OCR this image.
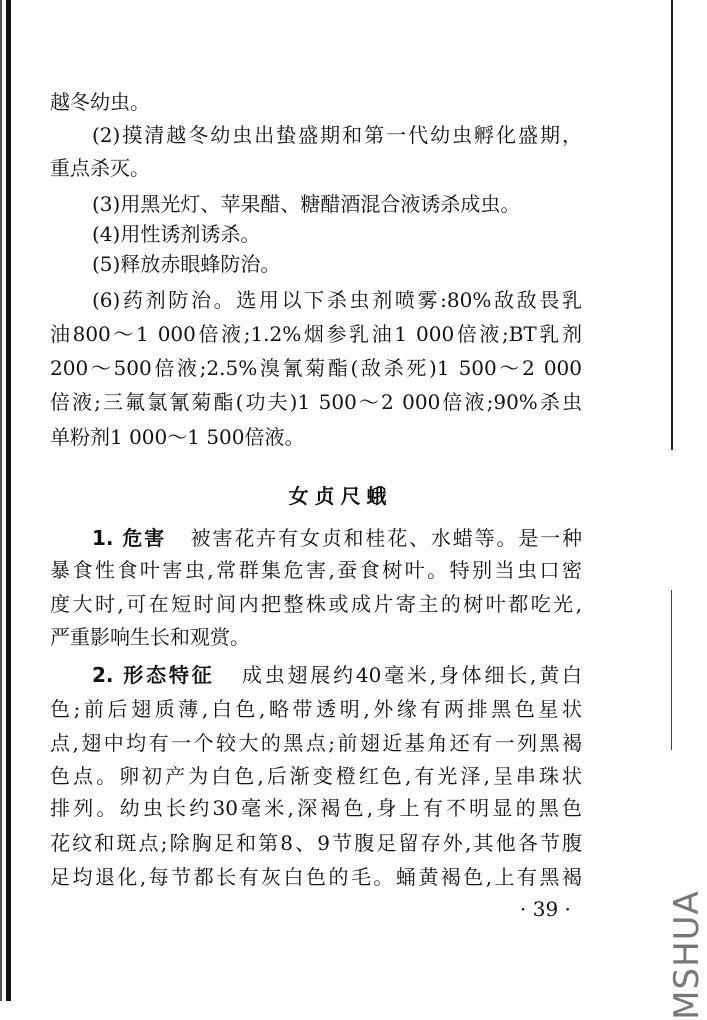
越冬幼虫。
(2)摸清越冬幼虫出蛰盛期和第一代幼虫孵化盛期，
重点杀灭。
(3)用黑光灯、苹果醋、糖醋酒混合液诱杀成虫。
(4)用性诱剂诱杀。
(5)释放赤眼蜂防治。
(6)药剂防治。选用以下杀虫剂喷雾:80%敌敌畏乳
油800～1 000倍液;1.2%烟参乳油1 000倍液;BT乳剂
200～500倍液;2.5%溴氰菊酯(敌杀死)1 500～2 000
倍液;三氟氯氰菊酯(功夫)1 500～2 000倍液;90%杀虫
单粉剂1 000～1 500倍液。
女贞尺蛾
1. 危害 被害花卉有女贞和桂花、水蜡等。是一种
暴食性食叶害虫,常群集危害,蚕食树叶。特别当虫口密
度大时,可在短时间内把整株或成片寄主的树叶都吃光,
严重影响生长和观赏。
2. 形态特征 成虫翅展约40毫米,身体细长,黄白
色;前后翅质薄,白色,略带透明,外缘有两排黑色星状
点,翅中均有一个较大的黑点;前翅近基角还有一列黑褐
色点。卵初产为白色,后渐变橙红色,有光泽,呈串珠状
排列。幼虫长约30毫米,深褐色,身上有不明显的黑色
花纹和斑点;除胸足和第8、9节腹足留存外,其他各节腹
足均退化,每节都长有灰白色的毛。蛹黄褐色,上有黑褐
· 39 ·	MSHUA
